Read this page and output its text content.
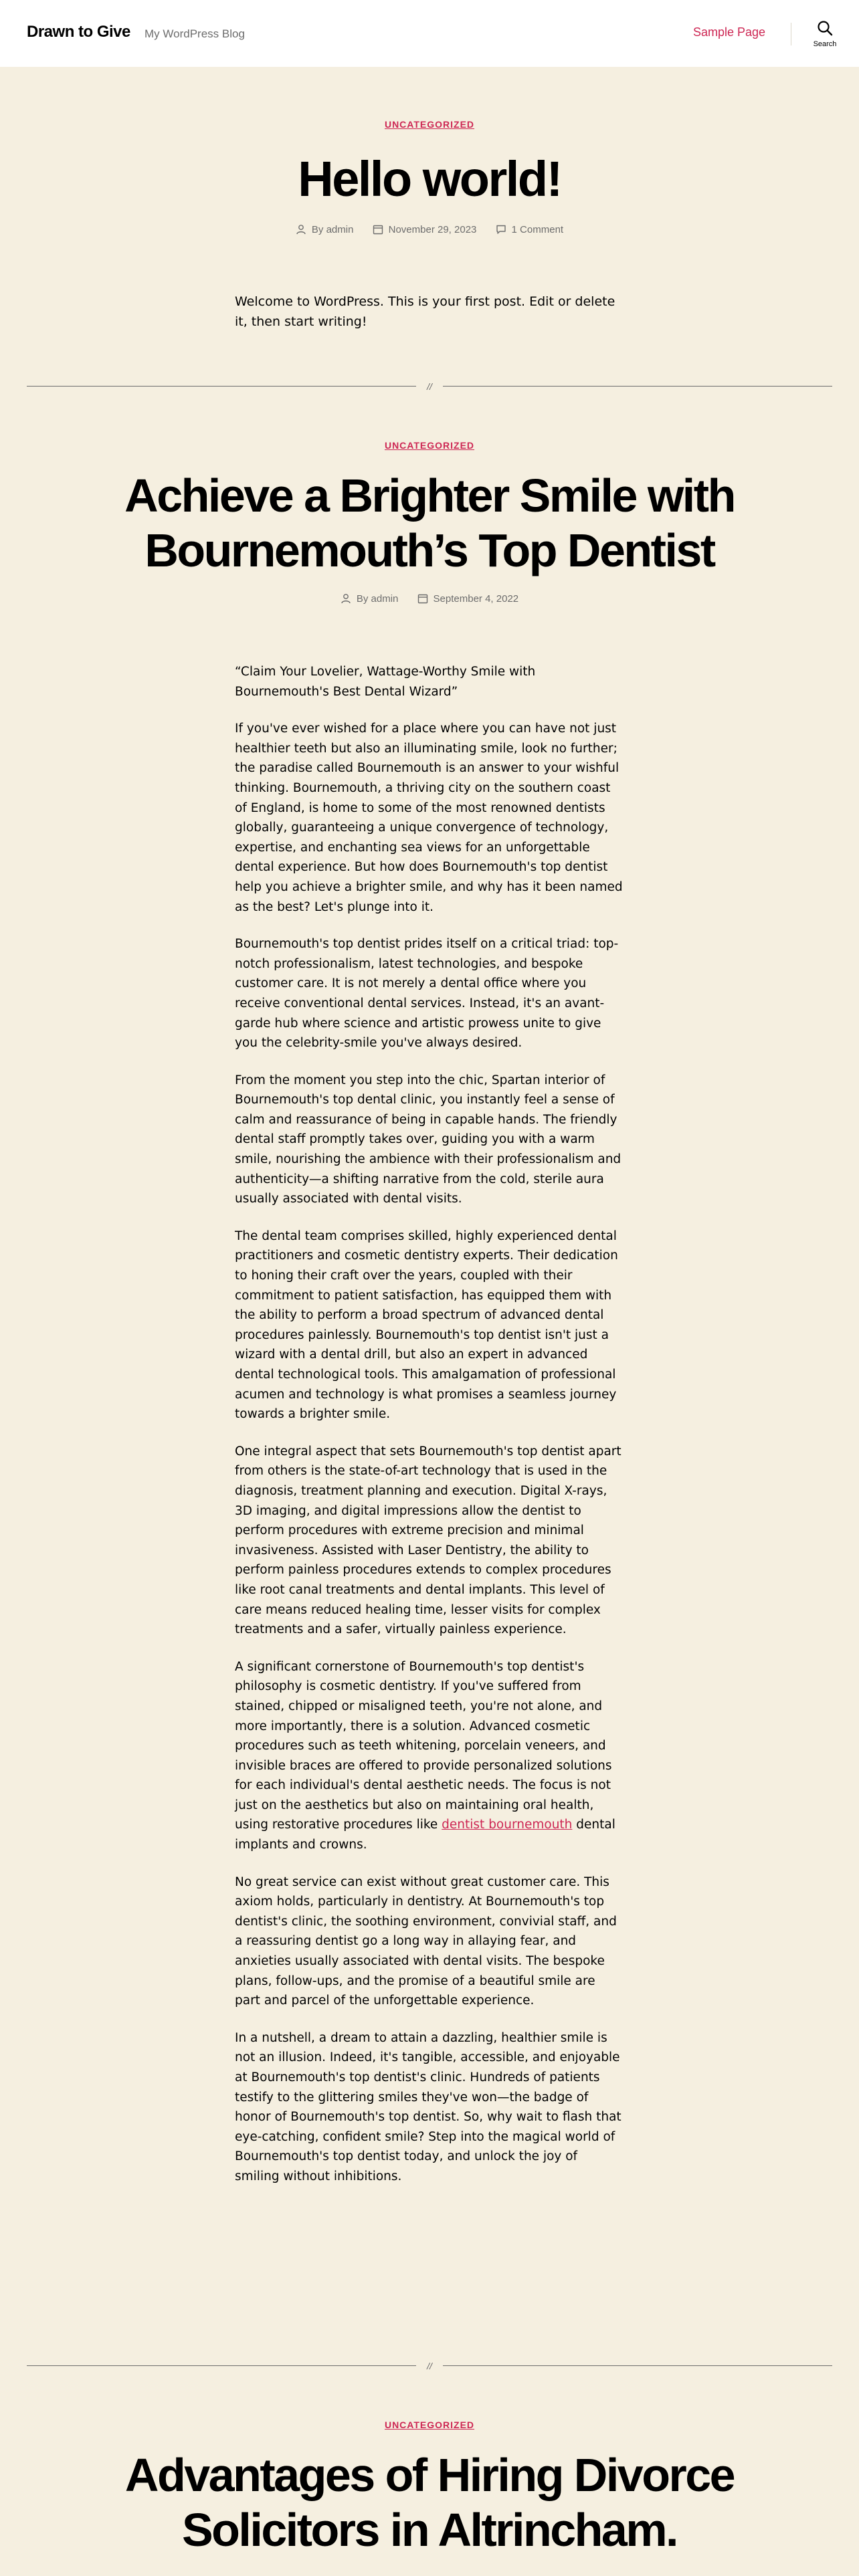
Drawn to Give My WordPress Blog	Sample Page
Search
UNCATEGORIZED
Hello world!
By admin	November 29, 2023	1 Comment

Welcome to WordPress. This is your first post. Edit or delete it, then start writing!

//
UNCATEGORIZED
Achieve a Brighter Smile with
Bournemouth’s Top Dentist
By admin	September 4, 2022

“Claim Your Lovelier, Wattage-Worthy Smile with Bournemouth's Best Dental Wizard”

If you've ever wished for a place where you can have not just healthier teeth but also an illuminating smile, look no further; the paradise called Bournemouth is an answer to your wishful thinking. Bournemouth, a thriving city on the southern coast of England, is home to some of the most renowned dentists globally, guaranteeing a unique convergence of technology, expertise, and enchanting sea views for an unforgettable dental experience. But how does Bournemouth's top dentist help you achieve a brighter smile, and why has it been named as the best? Let's plunge into it.

Bournemouth's top dentist prides itself on a critical triad: top-notch professionalism, latest technologies, and bespoke customer care. It is not merely a dental office where you receive conventional dental services. Instead, it's an avant-garde hub where science and artistic prowess unite to give you the celebrity-smile you've always desired.

From the moment you step into the chic, Spartan interior of Bournemouth's top dental clinic, you instantly feel a sense of calm and reassurance of being in capable hands. The friendly dental staff promptly takes over, guiding you with a warm smile, nourishing the ambience with their professionalism and authenticity—a shifting narrative from the cold, sterile aura usually associated with dental visits.

The dental team comprises skilled, highly experienced dental practitioners and cosmetic dentistry experts. Their dedication to honing their craft over the years, coupled with their commitment to patient satisfaction, has equipped them with the ability to perform a broad spectrum of advanced dental procedures painlessly. Bournemouth's top dentist isn't just a wizard with a dental drill, but also an expert in advanced dental technological tools. This amalgamation of professional acumen and technology is what promises a seamless journey towards a brighter smile.

One integral aspect that sets Bournemouth's top dentist apart from others is the state-of-art technology that is used in the diagnosis, treatment planning and execution. Digital X-rays, 3D imaging, and digital impressions allow the dentist to perform procedures with extreme precision and minimal invasiveness. Assisted with Laser Dentistry, the ability to perform painless procedures extends to complex procedures like root canal treatments and dental implants. This level of care means reduced healing time, lesser visits for complex treatments and a safer, virtually painless experience.

A significant cornerstone of Bournemouth's top dentist's philosophy is cosmetic dentistry. If you've suffered from stained, chipped or misaligned teeth, you're not alone, and more importantly, there is a solution. Advanced cosmetic procedures such as teeth whitening, porcelain veneers, and invisible braces are offered to provide personalized solutions for each individual's dental aesthetic needs. The focus is not just on the aesthetics but also on maintaining oral health, using restorative procedures like dentist bournemouth dental implants and crowns.

No great service can exist without great customer care. This axiom holds, particularly in dentistry. At Bournemouth's top dentist's clinic, the soothing environment, convivial staff, and a reassuring dentist go a long way in allaying fear, and anxieties usually associated with dental visits. The bespoke plans, follow-ups, and the promise of a beautiful smile are part and parcel of the unforgettable experience.

In a nutshell, a dream to attain a dazzling, healthier smile is not an illusion. Indeed, it's tangible, accessible, and enjoyable at Bournemouth's top dentist's clinic. Hundreds of patients testify to the glittering smiles they've won—the badge of honor of Bournemouth's top dentist. So, why wait to flash that eye-catching, confident smile? Step into the magical world of Bournemouth's top dentist today, and unlock the joy of smiling without inhibitions.

//
UNCATEGORIZED
Advantages of Hiring Divorce
Solicitors in Altrincham.
